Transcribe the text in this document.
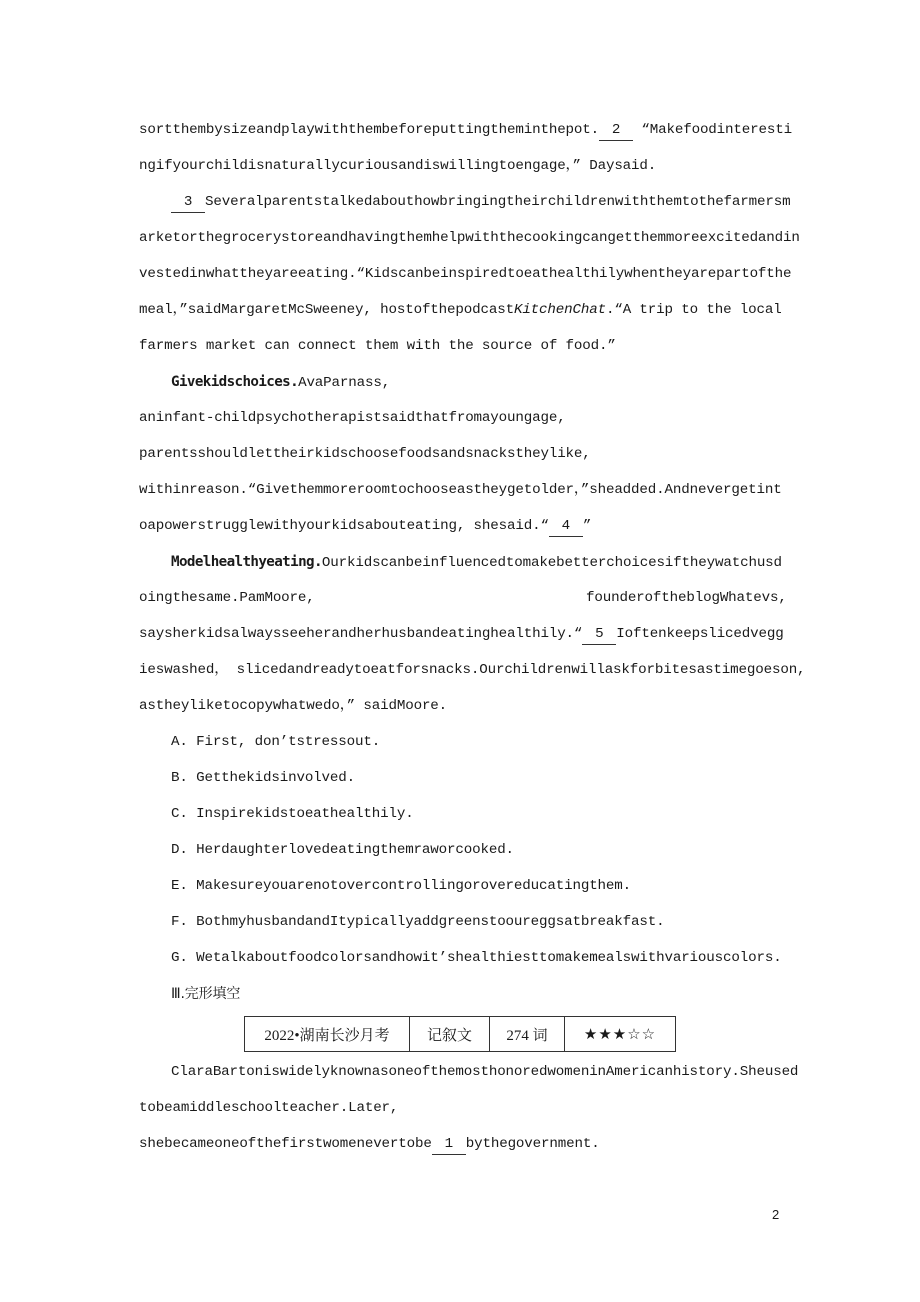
sortthembysizeandplaywiththembeforeputtingtheminthepot. 2 “Makefoodinteresti
ngifyourchildisnaturallycuriousandiswillingtoengage，” Daysaid.
3 Severalparentstalkedabouthowbringingtheirchildrenwiththemtothefarmersm
arketorthegrocerystoreandhavingthemhelpwiththecookingcangetthemmoreexcitedandin
vestedinwhattheyareeating.“Kidscanbeinspiredtoeathealthilywhentheyarepartofthe
meal，”saidMargaretMcSweeney, hostofthepodcastKitchenChat.“A trip to the local
farmers market can connect them with the source of food.”
Givekidschoices.AvaParnass,
aninfant-childpsychotherapistsaidthatfromayoungage,
parentsshouldlettheirkidschoosefoodsandsnackstheylike,
withinreason.“Givethemmoreroomtochooseastheygetolder，”sheadded.Andnevergetint
oapowerstrugglewithyourkidsabouteating, shesaid.“ 4 ”
Modelhealthyeating.Ourkidscanbeinfluencedtomakebetterchoicesiftheywatchusd
oingthesame.PamMoore,	founderoftheblogWhatevs,
saysherkidsalwaysseeherandherhusbandeatinghealthily.“ 5 Ioftenkeepslicedvegg
ieswashed， slicedandreadytoeatforsnacks.Ourchildrenwillaskforbitesastimegoeson,
astheyliketocopywhatwedo，” saidMoore.
A. First, don’tstressout.
B. Getthekidsinvolved.
C. Inspirekidstoeathealthily.
D. Herdaughterlovedeatingthemraworcooked.
E. Makesureyouarenotovercontrollingorovereducatingthem.
F. BothmyhusbandandItypicallyaddgreenstooureggsatbreakfast.
G. Wetalkaboutfoodcolorsandhowit’shealthiesttomakemealswithvariouscolors.
Ⅲ.完形填空
2022•湖南长沙月考	记叙文	274 词	★★★☆☆
ClaraBartoniswidelyknownasoneofthemosthonoredwomeninAmericanhistory.Sheused
tobeamiddleschoolteacher.Later,
shebecameoneofthefirstwomenevertobe 1 bythegovernment.
2
